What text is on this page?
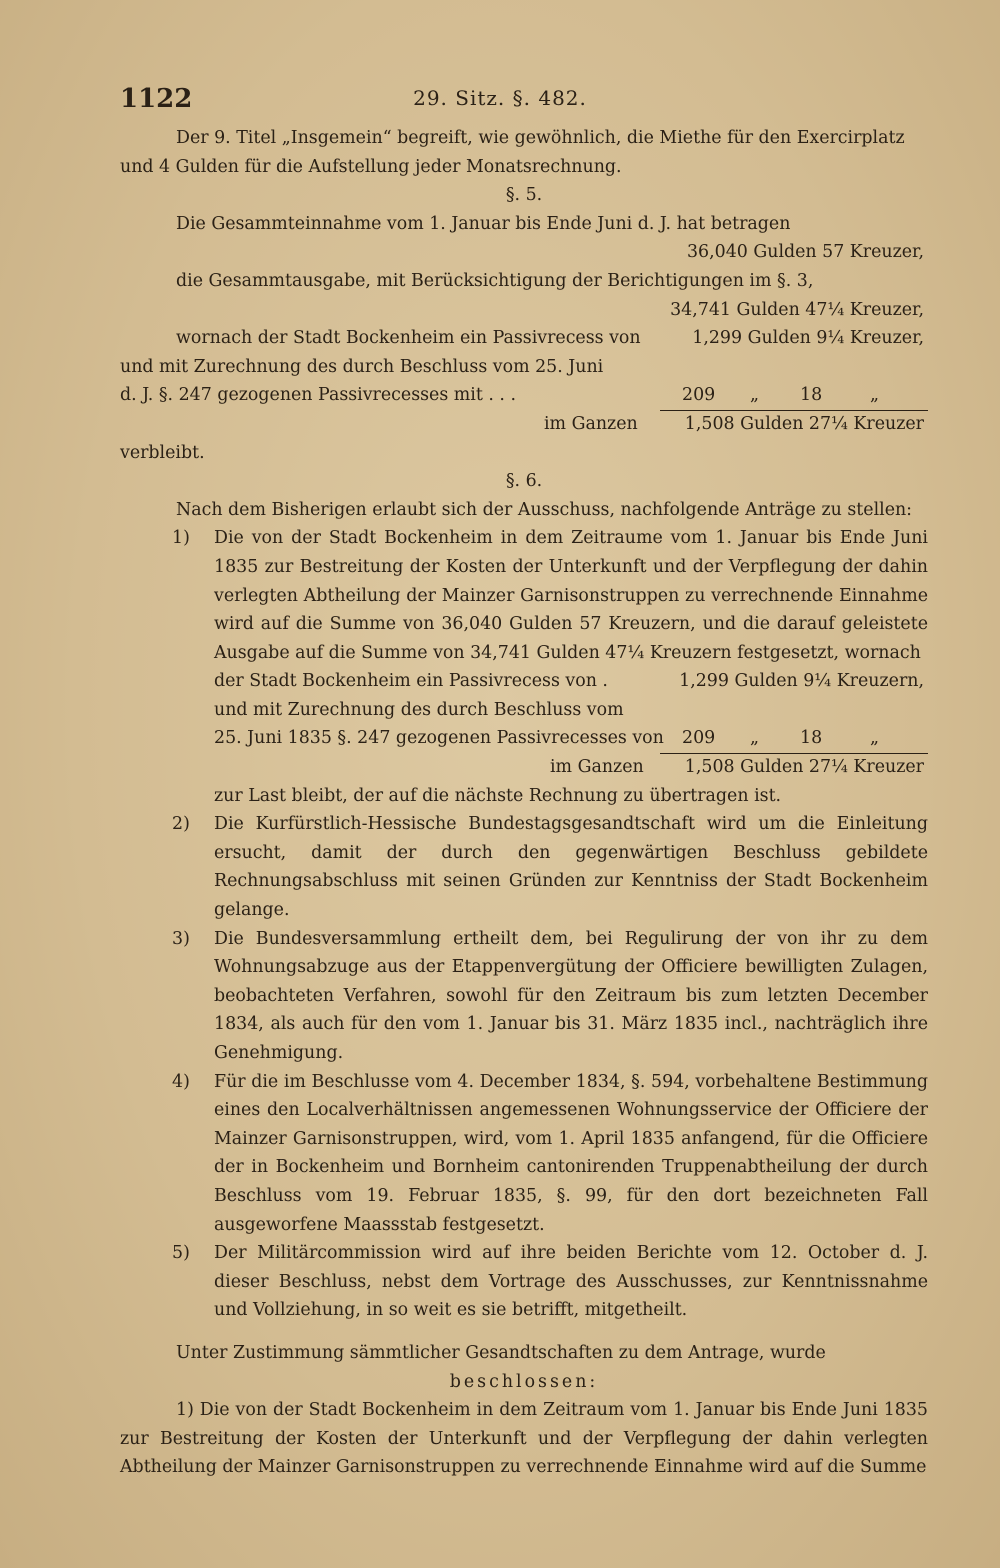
1122	29. Sitz. §. 482.

Der 9. Titel „Insgemein“ begreift, wie gewöhnlich, die Miethe für den Exercirplatz

und 4 Gulden für die Aufstellung jeder Monatsrechnung.

§. 5.

Die Gesammteinnahme vom 1. Januar bis Ende Juni d. J. hat betragen
36,040 Gulden 57 Kreuzer,
die Gesammtausgabe, mit Berücksichtigung der Berichtigungen im §. 3,
34,741 Gulden 47¼ Kreuzer,
wornach der Stadt Bockenheim ein Passivrecess von	1,299 Gulden 9¼ Kreuzer,
und mit Zurechnung des durch Beschluss vom 25. Juni
d. J. §. 247 gezogenen Passivrecesses mit . . .	209 „ 18	„
im Ganzen	1,508 Gulden 27¼ Kreuzer

verbleibt.

§. 6.

Nach dem Bisherigen erlaubt sich der Ausschuss, nachfolgende Anträge zu stellen:

1) Die von der Stadt Bockenheim in dem Zeitraume vom 1. Januar bis Ende Juni 1835 zur Bestreitung der Kosten der Unterkunft und der Verpflegung der dahin verlegten Abtheilung der Mainzer Garnisonstruppen zu verrechnende Einnahme wird auf die Summe von 36,040 Gulden 57 Kreuzern, und die darauf geleistete Ausgabe auf die Summe von 34,741 Gulden 47¼ Kreuzern festgesetzt, wornach
der Stadt Bockenheim ein Passivrecess von .	1,299 Gulden 9¼ Kreuzern,
und mit Zurechnung des durch Beschluss vom
25. Juni 1835 §. 247 gezogenen Passivrecesses von 209 „ 18	„
im Ganzen 1,508 Gulden 27¼ Kreuzer

zur Last bleibt, der auf die nächste Rechnung zu übertragen ist.

2) Die Kurfürstlich-Hessische Bundestagsgesandtschaft wird um die Einleitung ersucht, damit der durch den gegenwärtigen Beschluss gebildete Rechnungsabschluss mit seinen Gründen zur Kenntniss der Stadt Bockenheim gelange.
3) Die Bundesversammlung ertheilt dem, bei Regulirung der von ihr zu dem Wohnungsabzuge aus der Etappenvergütung der Officiere bewilligten Zulagen, beobachteten Verfahren, sowohl für den Zeitraum bis zum letzten December 1834, als auch für den vom 1. Januar bis 31. März 1835 incl., nachträglich ihre Genehmigung.
4) Für die im Beschlusse vom 4. December 1834, §. 594, vorbehaltene Bestimmung eines den Localverhältnissen angemessenen Wohnungsservice der Officiere der Mainzer Garnisonstruppen, wird, vom 1. April 1835 anfangend, für die Officiere der in Bockenheim und Bornheim cantonirenden Truppenabtheilung der durch Beschluss vom 19. Februar 1835, §. 99, für den dort bezeichneten Fall ausgeworfene Maassstab festgesetzt.
5) Der Militärcommission wird auf ihre beiden Berichte vom 12. October d. J. dieser Beschluss, nebst dem Vortrage des Ausschusses, zur Kenntnissnahme und Vollziehung, in so weit es sie betrifft, mitgetheilt.

Unter Zustimmung sämmtlicher Gesandtschaften zu dem Antrage, wurde

beschlossen:

1) Die von der Stadt Bockenheim in dem Zeitraum vom 1. Januar bis Ende Juni 1835 zur Bestreitung der Kosten der Unterkunft und der Verpflegung der dahin verlegten Abtheilung der Mainzer Garnisonstruppen zu verrechnende Einnahme wird auf die Summe
